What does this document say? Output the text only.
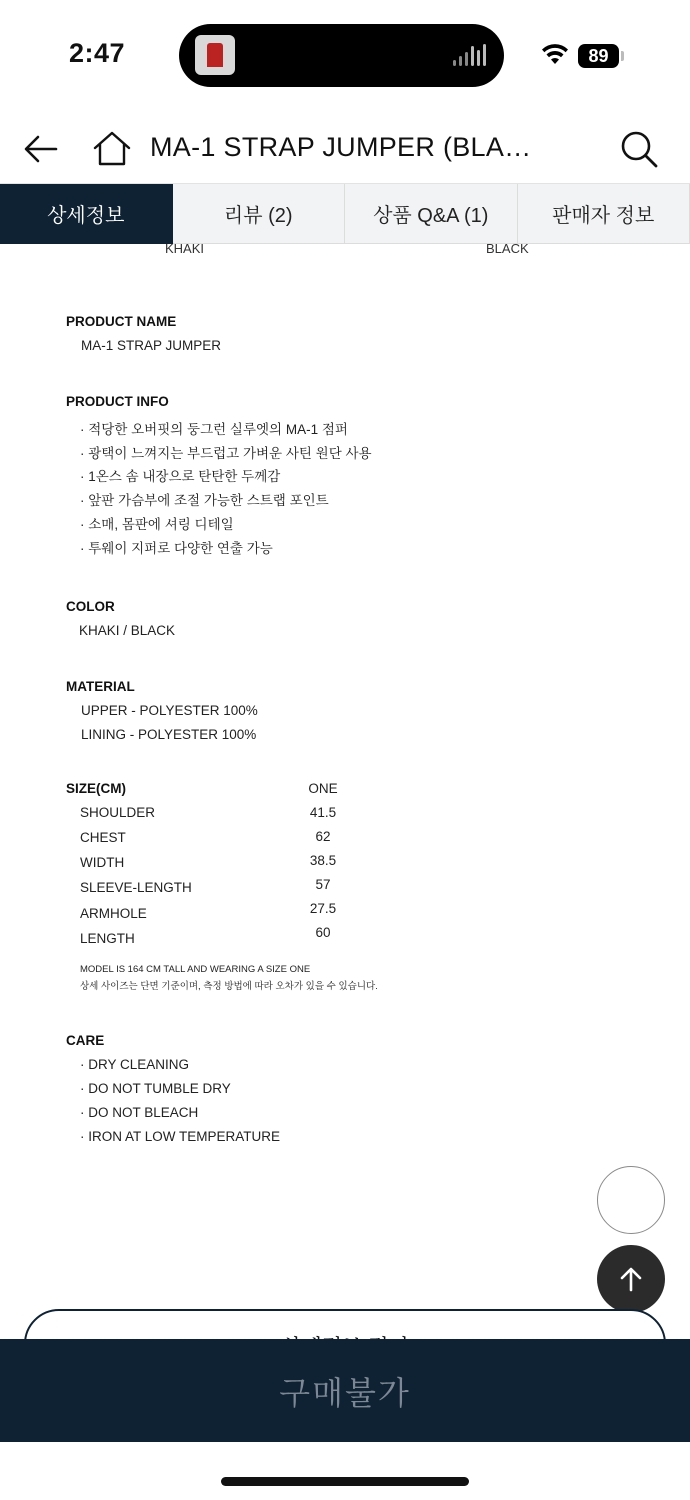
2:47	89
MA-1 STRAP JUMPER (BLA…
상세정보	리뷰 (2)	상품 Q&A (1)	판매자 정보
KHAKI	BLACK
PRODUCT NAME
MA-1 STRAP JUMPER
PRODUCT INFO
· 적당한 오버핏의 둥그런 실루엣의 MA-1 점퍼
· 광택이 느껴지는 부드럽고 가벼운 사틴 원단 사용
· 1온스 솜 내장으로 탄탄한 두께감
· 앞판 가슴부에 조절 가능한 스트랩 포인트
· 소매, 몸판에 셔링 디테일
· 투웨이 지퍼로 다양한 연출 가능
COLOR
KHAKI / BLACK
MATERIAL
UPPER - POLYESTER 100%
LINING - POLYESTER 100%
SIZE(CM)	ONE
SHOULDER	41.5
CHEST	62
WIDTH	38.5
SLEEVE-LENGTH	57
ARMHOLE	27.5
LENGTH	60
MODEL IS 164 CM TALL AND WEARING A SIZE ONE
상세 사이즈는 단면 기준이며, 측정 방법에 따라 오차가 있을 수 있습니다.
CARE
· DRY CLEANING
· DO NOT TUMBLE DRY
· DO NOT BLEACH
· IRON AT LOW TEMPERATURE
구매불가
